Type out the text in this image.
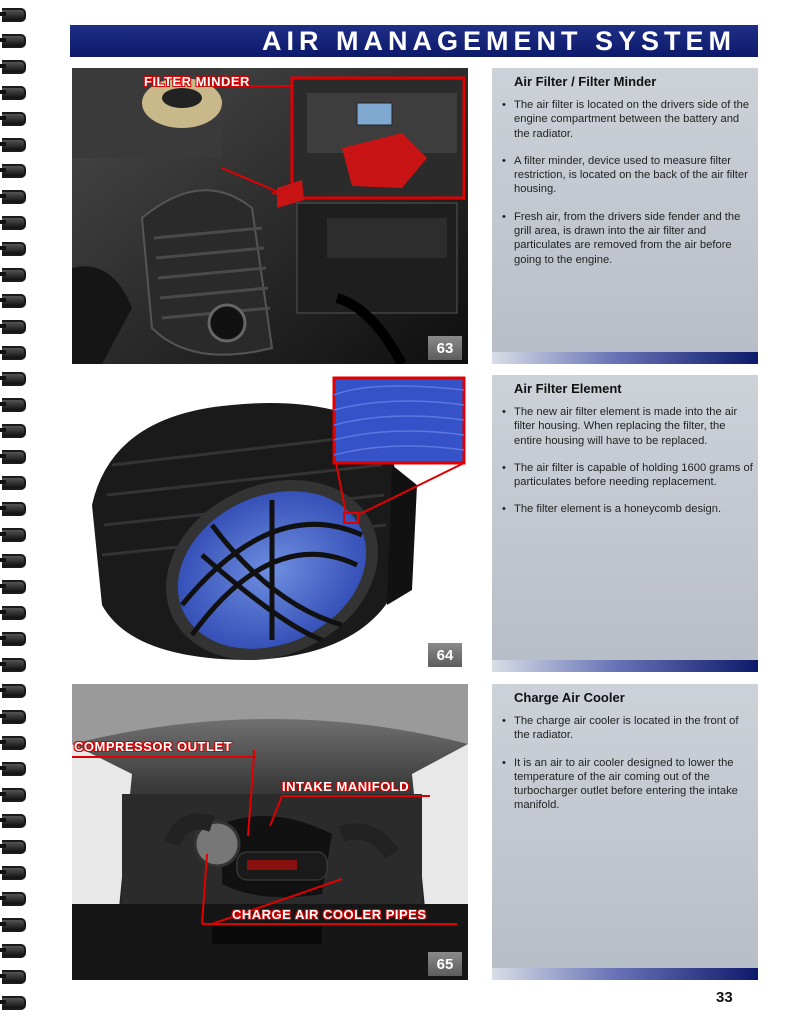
AIR MANAGEMENT SYSTEM
FILTER MINDER
63
Air Filter / Filter Minder
• The air filter is located on the drivers side of the engine compartment between the battery and the radiator.
• A filter minder, device used to measure filter restriction, is located on the back of the air filter housing.
• Fresh air, from the drivers side fender and the grill area, is drawn into the air filter and particulates are removed from the air before going to the engine.
64
Air Filter Element
• The new air filter element is made into the air filter housing. When replacing the filter, the entire housing will have to be replaced.
• The air filter is capable of holding 1600 grams of particulates before needing replacement.
• The filter element is a honeycomb design.
COMPRESSOR OUTLET
INTAKE MANIFOLD
CHARGE AIR COOLER PIPES
65
Charge Air Cooler
• The charge air cooler is located in the front of the radiator.
• It is an air to air cooler designed to lower the temperature of the air coming out of the turbocharger outlet before entering the intake manifold.
33
